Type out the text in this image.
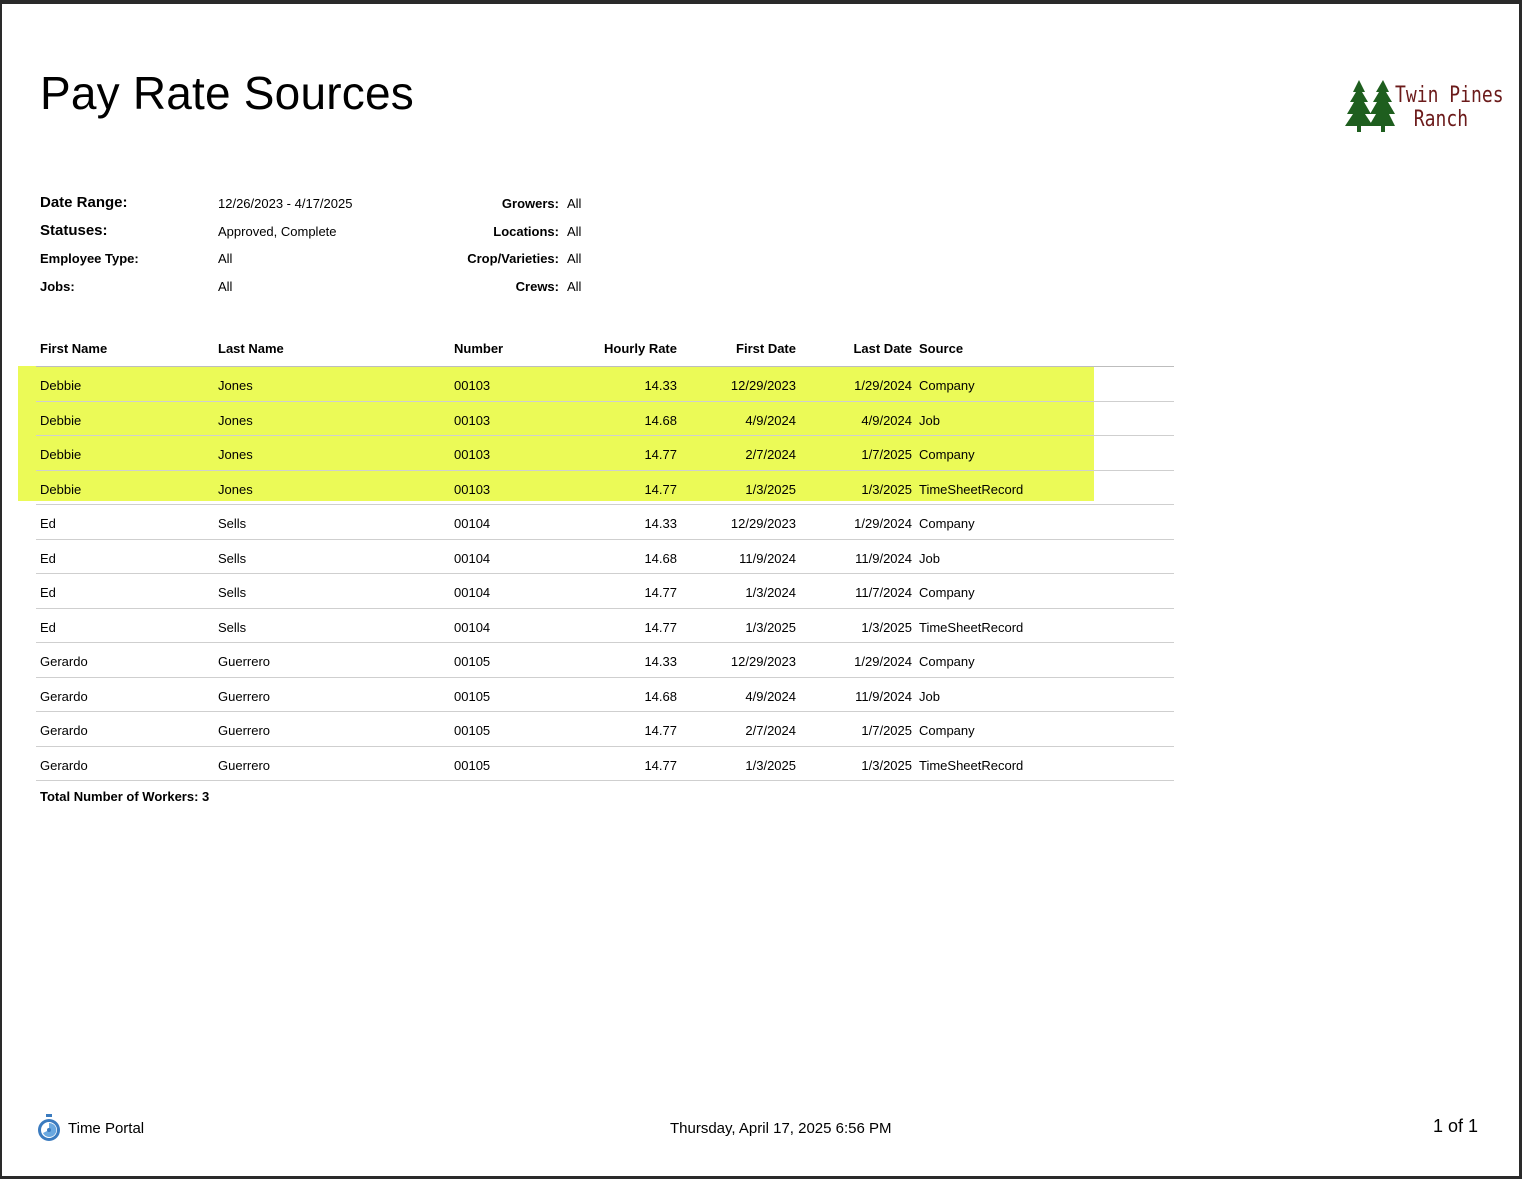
Pay Rate Sources	Twin Pines
Ranch
Date Range:	12/26/2023 - 4/17/2025	Growers: All
Statuses:	Approved, Complete	Locations: All
Employee Type:	All	Crop/Varieties: All
Jobs:	All	Crews: All
First Name	Last Name	Number	Hourly Rate	First Date	Last Date Source
Debbie	Jones	00103	14.33	12/29/2023	1/29/2024 Company
Debbie	Jones	00103	14.68	4/9/2024	4/9/2024 Job
Debbie	Jones	00103	14.77	2/7/2024	1/7/2025 Company
Debbie	Jones	00103	14.77	1/3/2025	1/3/2025 TimeSheetRecord
Ed	Sells	00104	14.33	12/29/2023	1/29/2024 Company
Ed	Sells	00104	14.68	11/9/2024	11/9/2024 Job
Ed	Sells	00104	14.77	1/3/2024	11/7/2024 Company
Ed	Sells	00104	14.77	1/3/2025	1/3/2025 TimeSheetRecord
Gerardo	Guerrero	00105	14.33	12/29/2023	1/29/2024 Company
Gerardo	Guerrero	00105	14.68	4/9/2024	11/9/2024 Job
Gerardo	Guerrero	00105	14.77	2/7/2024	1/7/2025 Company
Gerardo	Guerrero	00105	14.77	1/3/2025	1/3/2025 TimeSheetRecord
Total Number of Workers: 3
Time Portal	Thursday, April 17, 2025 6:56 PM	1 of 1
